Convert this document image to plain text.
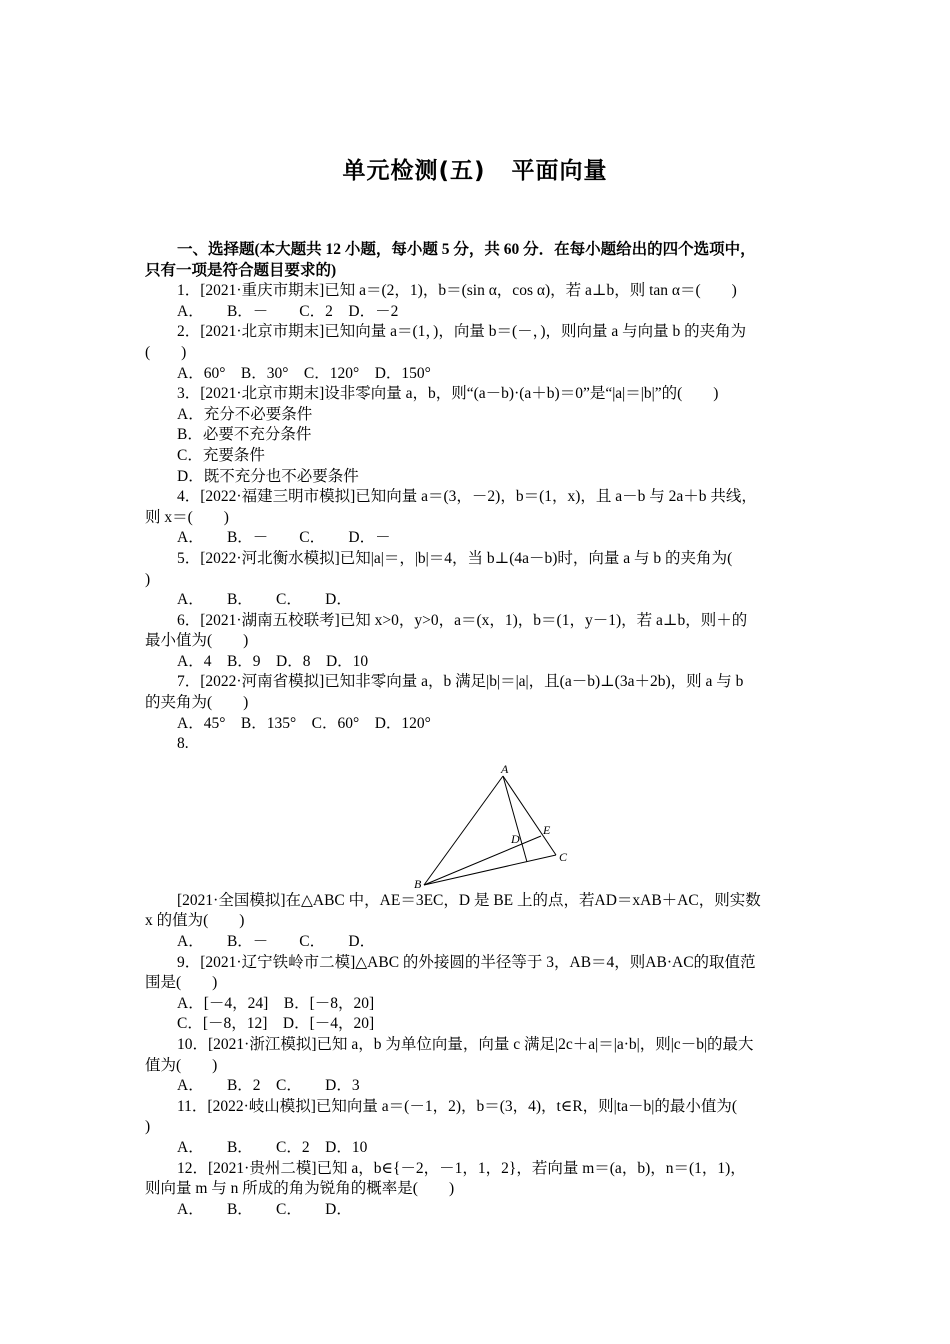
单元检测(五) 平面向量
一、选择题(本大题共 12 小题，每小题 5 分，共 60 分．在每小题给出的四个选项中，
只有一项是符合题目要求的)
1．[2021·重庆市期末]已知 a＝(2，1)，b＝(sin α，cos α)，若 a⊥b，则 tan α＝(　　)
A．　　B．－　　C．2　D．－2
2．[2021·北京市期末]已知向量 a＝(1，)，向量 b＝(－，)，则向量 a 与向量 b 的夹角为
(　　)
A．60°　B．30°　C．120°　D．150°
3．[2021·北京市期末]设非零向量 a，b，则“(a－b)·(a＋b)＝0”是“|a|＝|b|”的(　　)
A．充分不必要条件
B．必要不充分条件
C．充要条件
D．既不充分也不必要条件
4．[2022·福建三明市模拟]已知向量 a＝(3，－2)，b＝(1，x)，且 a－b 与 2a＋b 共线，
则 x＝(　　)
A．　　B．－　　C．　　D．－
5．[2022·河北衡水模拟]已知|a|＝，|b|＝4，当 b⊥(4a－b)时，向量 a 与 b 的夹角为(
)
A．　　B．　　C．　　D．
6．[2021·湖南五校联考]已知 x>0，y>0，a＝(x，1)，b＝(1，y－1)，若 a⊥b，则＋的
最小值为(　　)
A．4　B．9　D．8　D．10
7．[2022·河南省模拟]已知非零向量 a，b 满足|b|＝|a|，且(a－b)⊥(3a＋2b)，则 a 与 b
的夹角为(　　)
A．45°　B．135°　C．60°　D．120°
8.
A
B
C
D
E
[2021·全国模拟]在△ABC 中，AE＝3EC，D 是 BE 上的点，若AD＝xAB＋AC，则实数
x 的值为(　　)
A．　　B．－　　C．　　D．
9．[2021·辽宁铁岭市二模]△ABC 的外接圆的半径等于 3，AB＝4，则AB·AC的取值范
围是(　　)
A．[－4，24]　B．[－8，20]
C．[－8，12]　D．[－4，20]
10．[2021·浙江模拟]已知 a，b 为单位向量，向量 c 满足|2c＋a|＝|a·b|，则|c－b|的最大
值为(　　)
A．　　B．2　C．　　D．3
11．[2022·岐山模拟]已知向量 a＝(－1，2)，b＝(3，4)，t∈R，则|ta－b|的最小值为(
)
A．　　B．　　C．2　D．10
12．[2021·贵州二模]已知 a，b∈{－2，－1，1，2}，若向量 m＝(a，b)，n＝(1，1)，
则向量 m 与 n 所成的角为锐角的概率是(　　)
A．　　B．　　C．　　D．
